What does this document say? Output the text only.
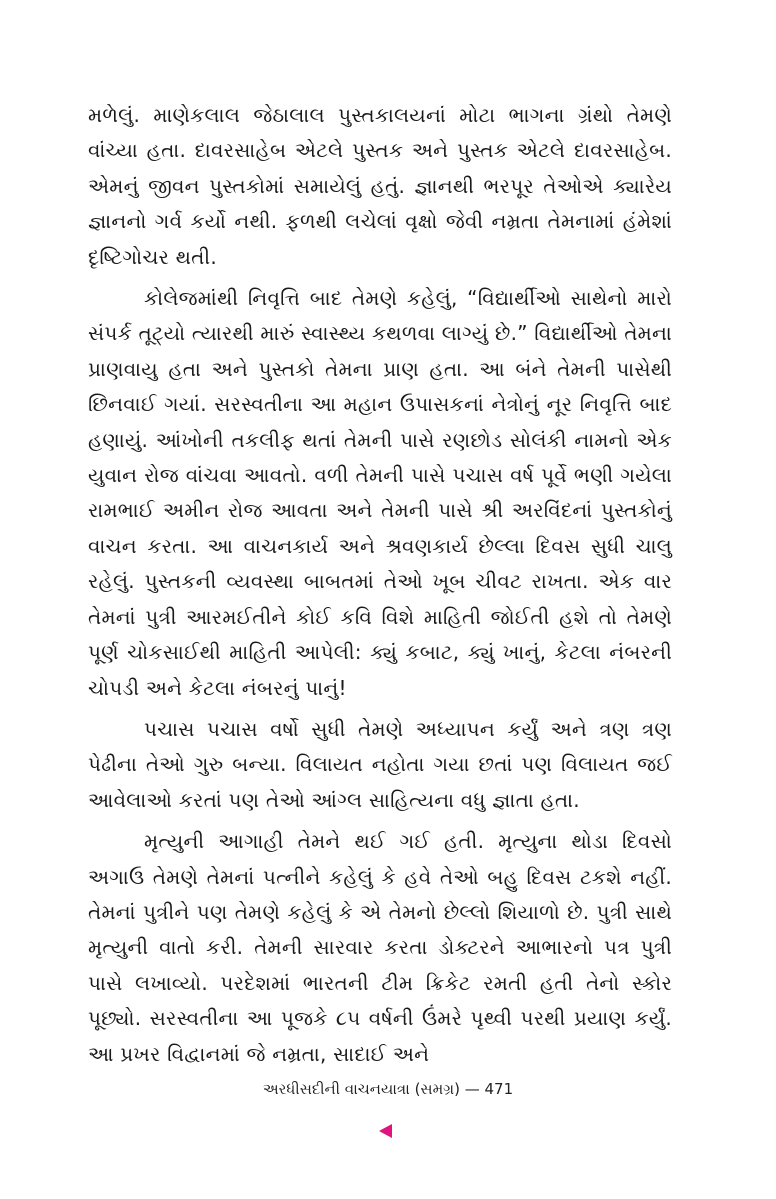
મળેલું. માણેકલાલ જેઠાલાલ પુસ્તકાલયનાં મોટા ભાગના ગ્રંથો તેમણે વાંચ્યા હતા. દાવરસાહેબ એટલે પુસ્તક અને પુસ્તક એટલે દાવરસાહેબ. એમનું જીવન પુસ્તકોમાં સમાયેલું હતું. જ્ઞાનથી ભરપૂર તેઓએ ક્યારેય જ્ઞાનનો ગર્વ કર્યો નથી. ફળથી લચેલાં વૃક્ષો જેવી નમ્રતા તેમનામાં હંમેશાં દૃષ્ટિગોચર થતી.

કોલેજમાંથી નિવૃત્તિ બાદ તેમણે કહેલું, “વિદ્યાર્થીઓ સાથેનો મારો સંપર્ક તૂટ્યો ત્યારથી મારું સ્વાસ્થ્ય કથળવા લાગ્યું છે.” વિદ્યાર્થીઓ તેમના પ્રાણવાયુ હતા અને પુસ્તકો તેમના પ્રાણ હતા. આ બંને તેમની પાસેથી છિનવાઈ ગયાં. સરસ્વતીના આ મહાન ઉપાસકનાં નેત્રોનું નૂર નિવૃત્તિ બાદ હણાયું. આંખોની તકલીફ થતાં તેમની પાસે રણછોડ સોલંકી નામનો એક યુવાન રોજ વાંચવા આવતો. વળી તેમની પાસે પચાસ વર્ષ પૂર્વે ભણી ગયેલા રામભાઈ અમીન રોજ આવતા અને તેમની પાસે શ્રી અરવિંદનાં પુસ્તકોનું વાચન કરતા. આ વાચનકાર્ય અને શ્રવણકાર્ય છેલ્લા દિવસ સુધી ચાલુ રહેલું. પુસ્તકની વ્યવસ્થા બાબતમાં તેઓ ખૂબ ચીવટ રાખતા. એક વાર તેમનાં પુત્રી આરમઈતીને કોઈ કવિ વિશે માહિતી જોઈતી હશે તો તેમણે પૂર્ણ ચોકસાઈથી માહિતી આપેલી: ક્યું કબાટ, ક્યું ખાનું, કેટલા નંબરની ચોપડી અને કેટલા નંબરનું પાનું!

પચાસ પચાસ વર્ષો સુધી તેમણે અધ્યાપન કર્યું અને ત્રણ ત્રણ પેઢીના તેઓ ગુરુ બન્યા. વિલાયત નહોતા ગયા છતાં પણ વિલાયત જઈ આવેલાઓ કરતાં પણ તેઓ આંગ્લ સાહિત્યના વધુ જ્ઞાતા હતા.

મૃત્યુની આગાહી તેમને થઈ ગઈ હતી. મૃત્યુના થોડા દિવસો અગાઉ તેમણે તેમનાં પત્નીને કહેલું કે હવે તેઓ બહુ દિવસ ટકશે નહીં. તેમનાં પુત્રીને પણ તેમણે કહેલું કે એ તેમનો છેલ્લો શિયાળો છે. પુત્રી સાથે મૃત્યુની વાતો કરી. તેમની સારવાર કરતા ડોક્ટરને આભારનો પત્ર પુત્રી પાસે લખાવ્યો. પરદેશમાં ભારતની ટીમ ક્રિકેટ રમતી હતી તેનો સ્કોર પૂછ્યો. સરસ્વતીના આ પૂજકે ૮૫ વર્ષની ઉંમરે પૃથ્વી પરથી પ્રયાણ કર્યું. આ પ્રખર વિદ્વાનમાં જે નમ્રતા, સાદાઈ અને

અરધીસદીની વાચનયાત્રા (સમગ્ર) — 471
